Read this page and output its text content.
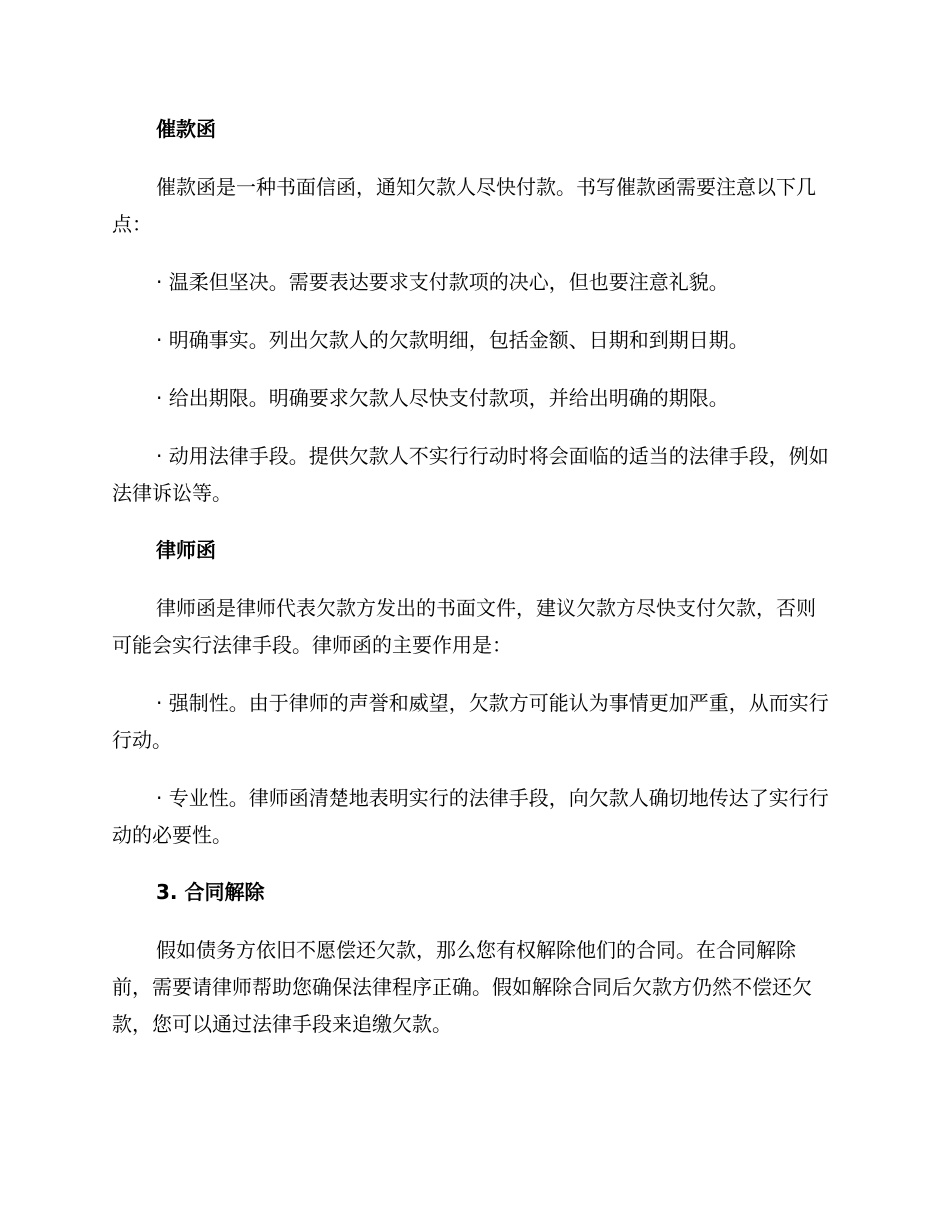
催款函
催款函是一种书面信函，通知欠款人尽快付款。书写催款函需要注意以下几点：
· 温柔但坚决。需要表达要求支付款项的决心，但也要注意礼貌。
· 明确事实。列出欠款人的欠款明细，包括金额、日期和到期日期。
· 给出期限。明确要求欠款人尽快支付款项，并给出明确的期限。
· 动用法律手段。提供欠款人不实行行动时将会面临的适当的法律手段，例如法律诉讼等。
律师函
律师函是律师代表欠款方发出的书面文件，建议欠款方尽快支付欠款，否则可能会实行法律手段。律师函的主要作用是：
· 强制性。由于律师的声誉和威望，欠款方可能认为事情更加严重，从而实行行动。
· 专业性。律师函清楚地表明实行的法律手段，向欠款人确切地传达了实行行动的必要性。
3. 合同解除
假如债务方依旧不愿偿还欠款，那么您有权解除他们的合同。在合同解除前，需要请律师帮助您确保法律程序正确。假如解除合同后欠款方仍然不偿还欠款，您可以通过法律手段来追缴欠款。
